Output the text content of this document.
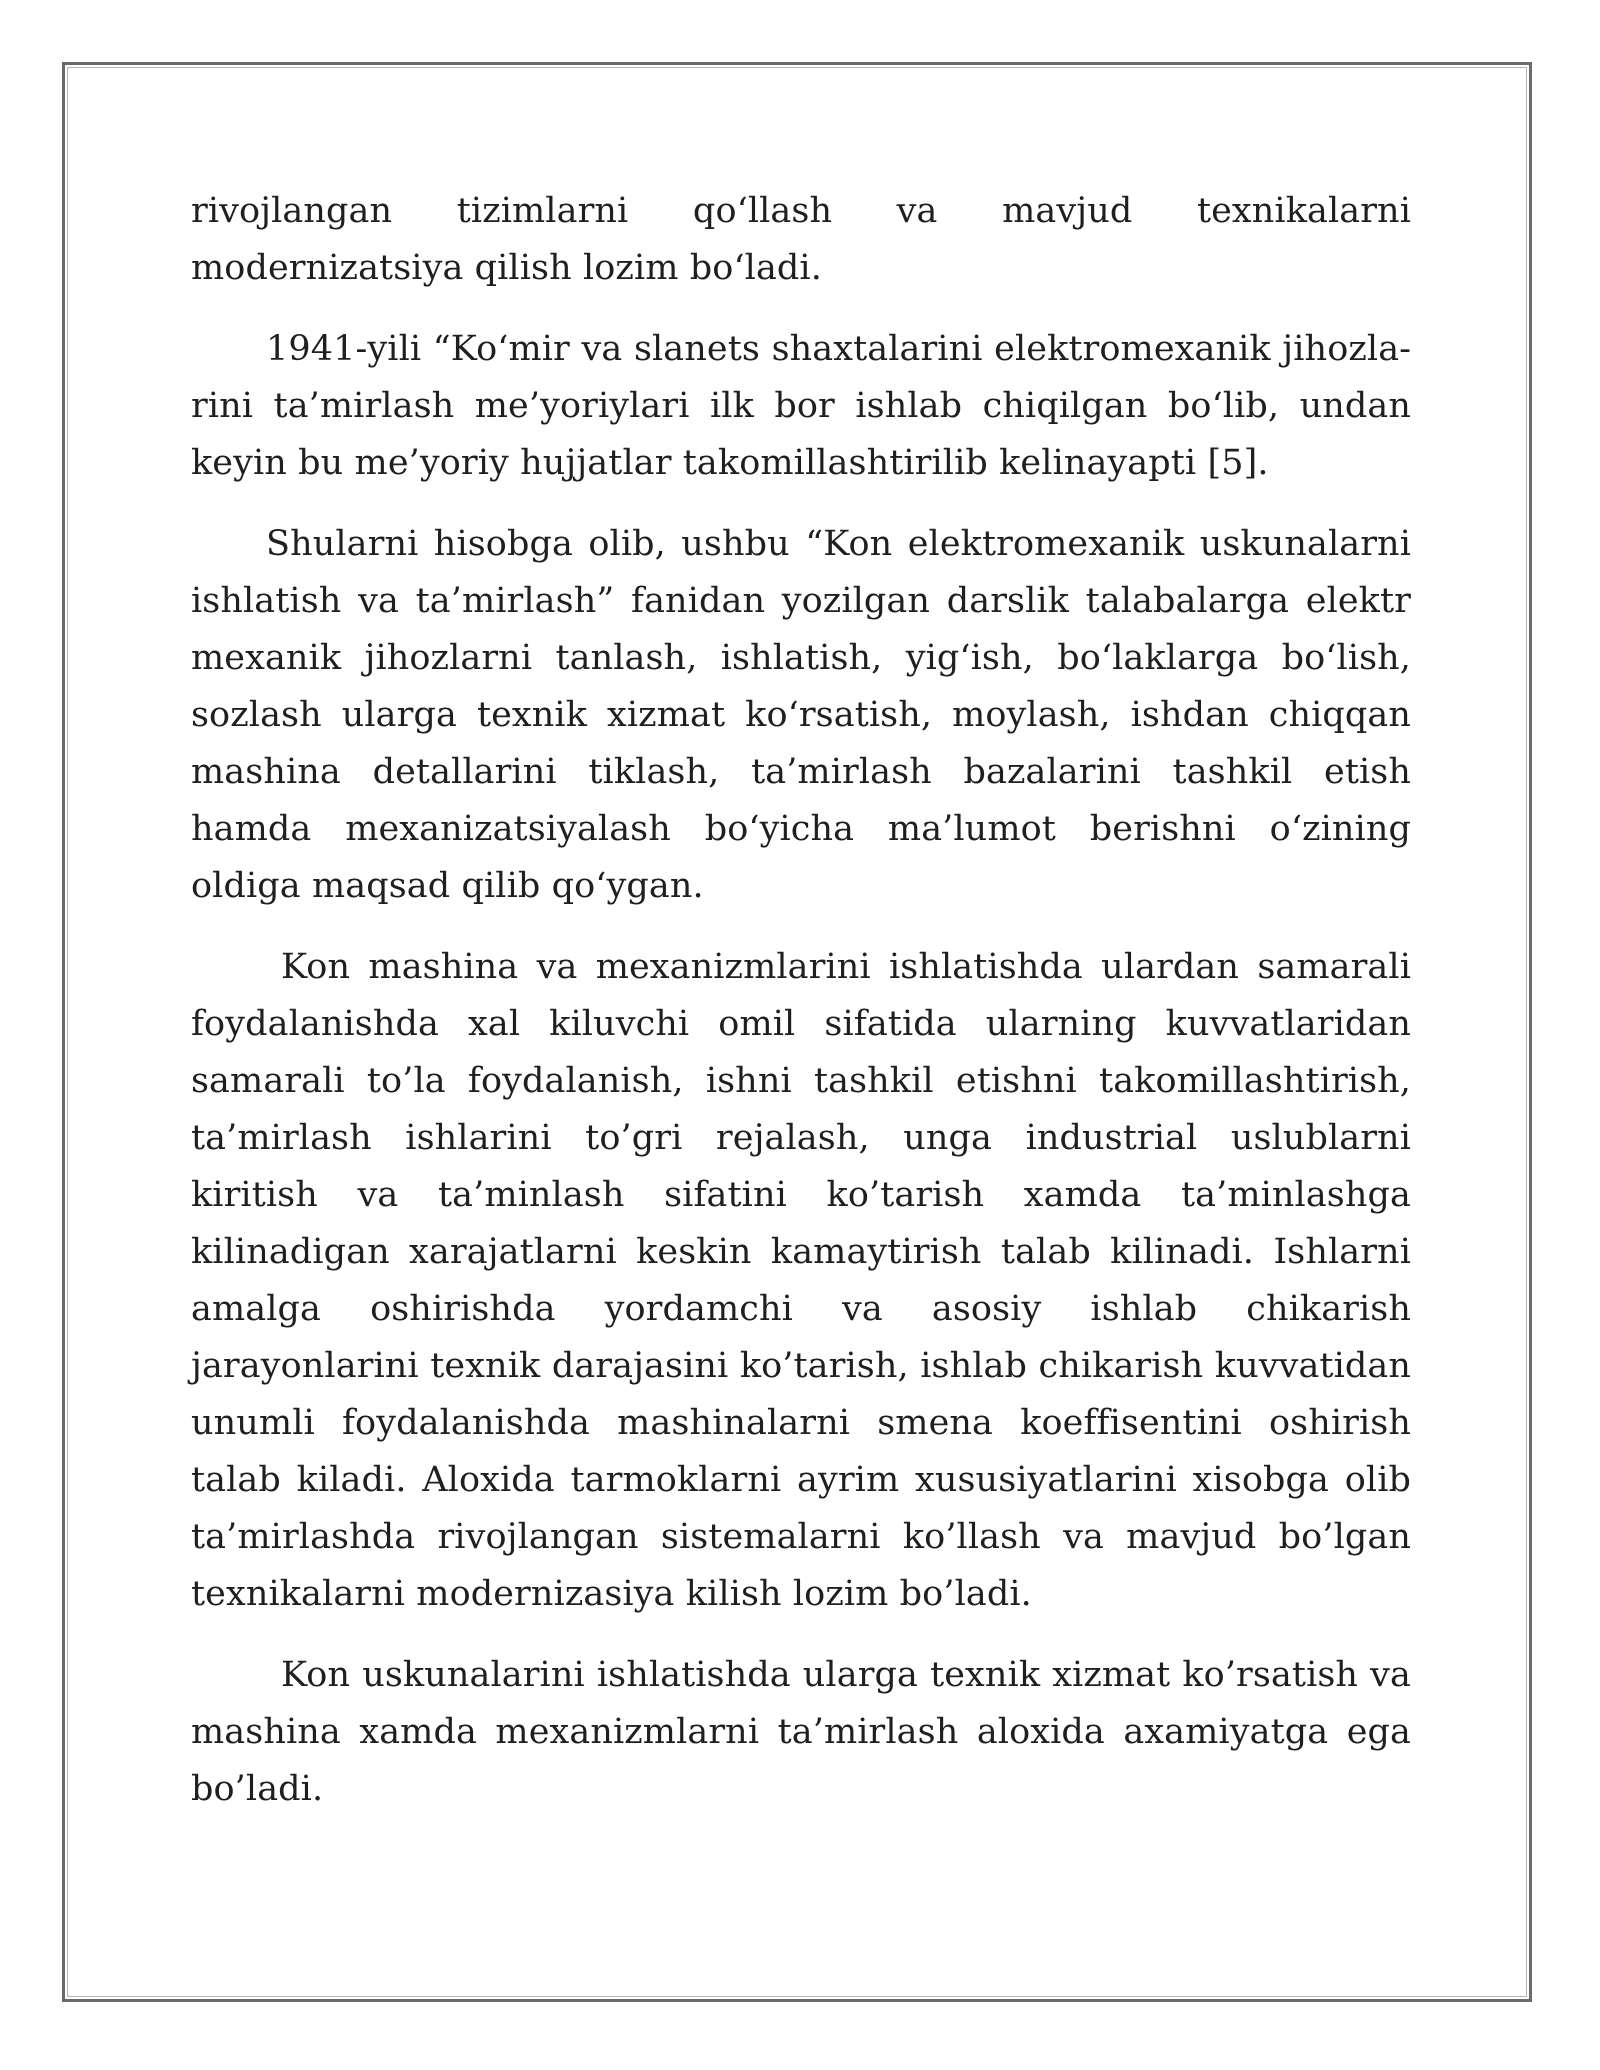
rivojlangan tizimlarni qo‘llash va mavjud texnikalarni modernizatsiya qilish lozim bo‘ladi.

1941-yili “Ko‘mir va slanets shaxtalarini elektromexanik jihozlarini ta’mirlash me’yoriylari ilk bor ishlab chiqilgan bo‘lib, undan keyin bu me’yoriy hujjatlar takomillashtirilib kelinayapti [5].

Shularni hisobga olib, ushbu “Kon elektromexanik uskunalarni ishlatish va ta’mirlash” fanidan yozilgan darslik talabalarga elektr mexanik jihozlarni tanlash, ishlatish, yig‘ish, bo‘laklarga bo‘lish, sozlash ularga texnik xizmat ko‘rsatish, moylash, ishdan chiqqan mashina detallarini tiklash, ta’mirlash bazalarini tashkil etish hamda mexanizatsiyalash bo‘yicha ma’lumot berishni o‘zining oldiga maqsad qilib qo‘ygan.

Kon mashina va mexanizmlarini ishlatishda ulardan samarali foydalanishda xal kiluvchi omil sifatida ularning kuvvatlaridan samarali to’la foydalanish, ishni tashkil etishni takomillashtirish, ta’mirlash ishlarini to’gri rejalash, unga industrial uslublarni kiritish va ta’minlash sifatini ko’tarish xamda ta’minlashga kilinadigan xarajatlarni keskin kamaytirish talab kilinadi. Ishlarni amalga oshirishda yordamchi va asosiy ishlab chikarish jarayonlarini texnik darajasini ko’tarish, ishlab chikarish kuvvatidan unumli foydalanishda mashinalarni smena koeffisentini oshirish talab kiladi. Aloxida tarmoklarni ayrim xususiyatlarini xisobga olib ta’mirlashda rivojlangan sistemalarni ko’llash va mavjud bo’lgan texnikalarni modernizasiya kilish lozim bo’ladi.

Kon uskunalarini ishlatishda ularga texnik xizmat ko’rsatish va mashina xamda mexanizmlarni ta’mirlash aloxida axamiyatga ega bo’ladi.
